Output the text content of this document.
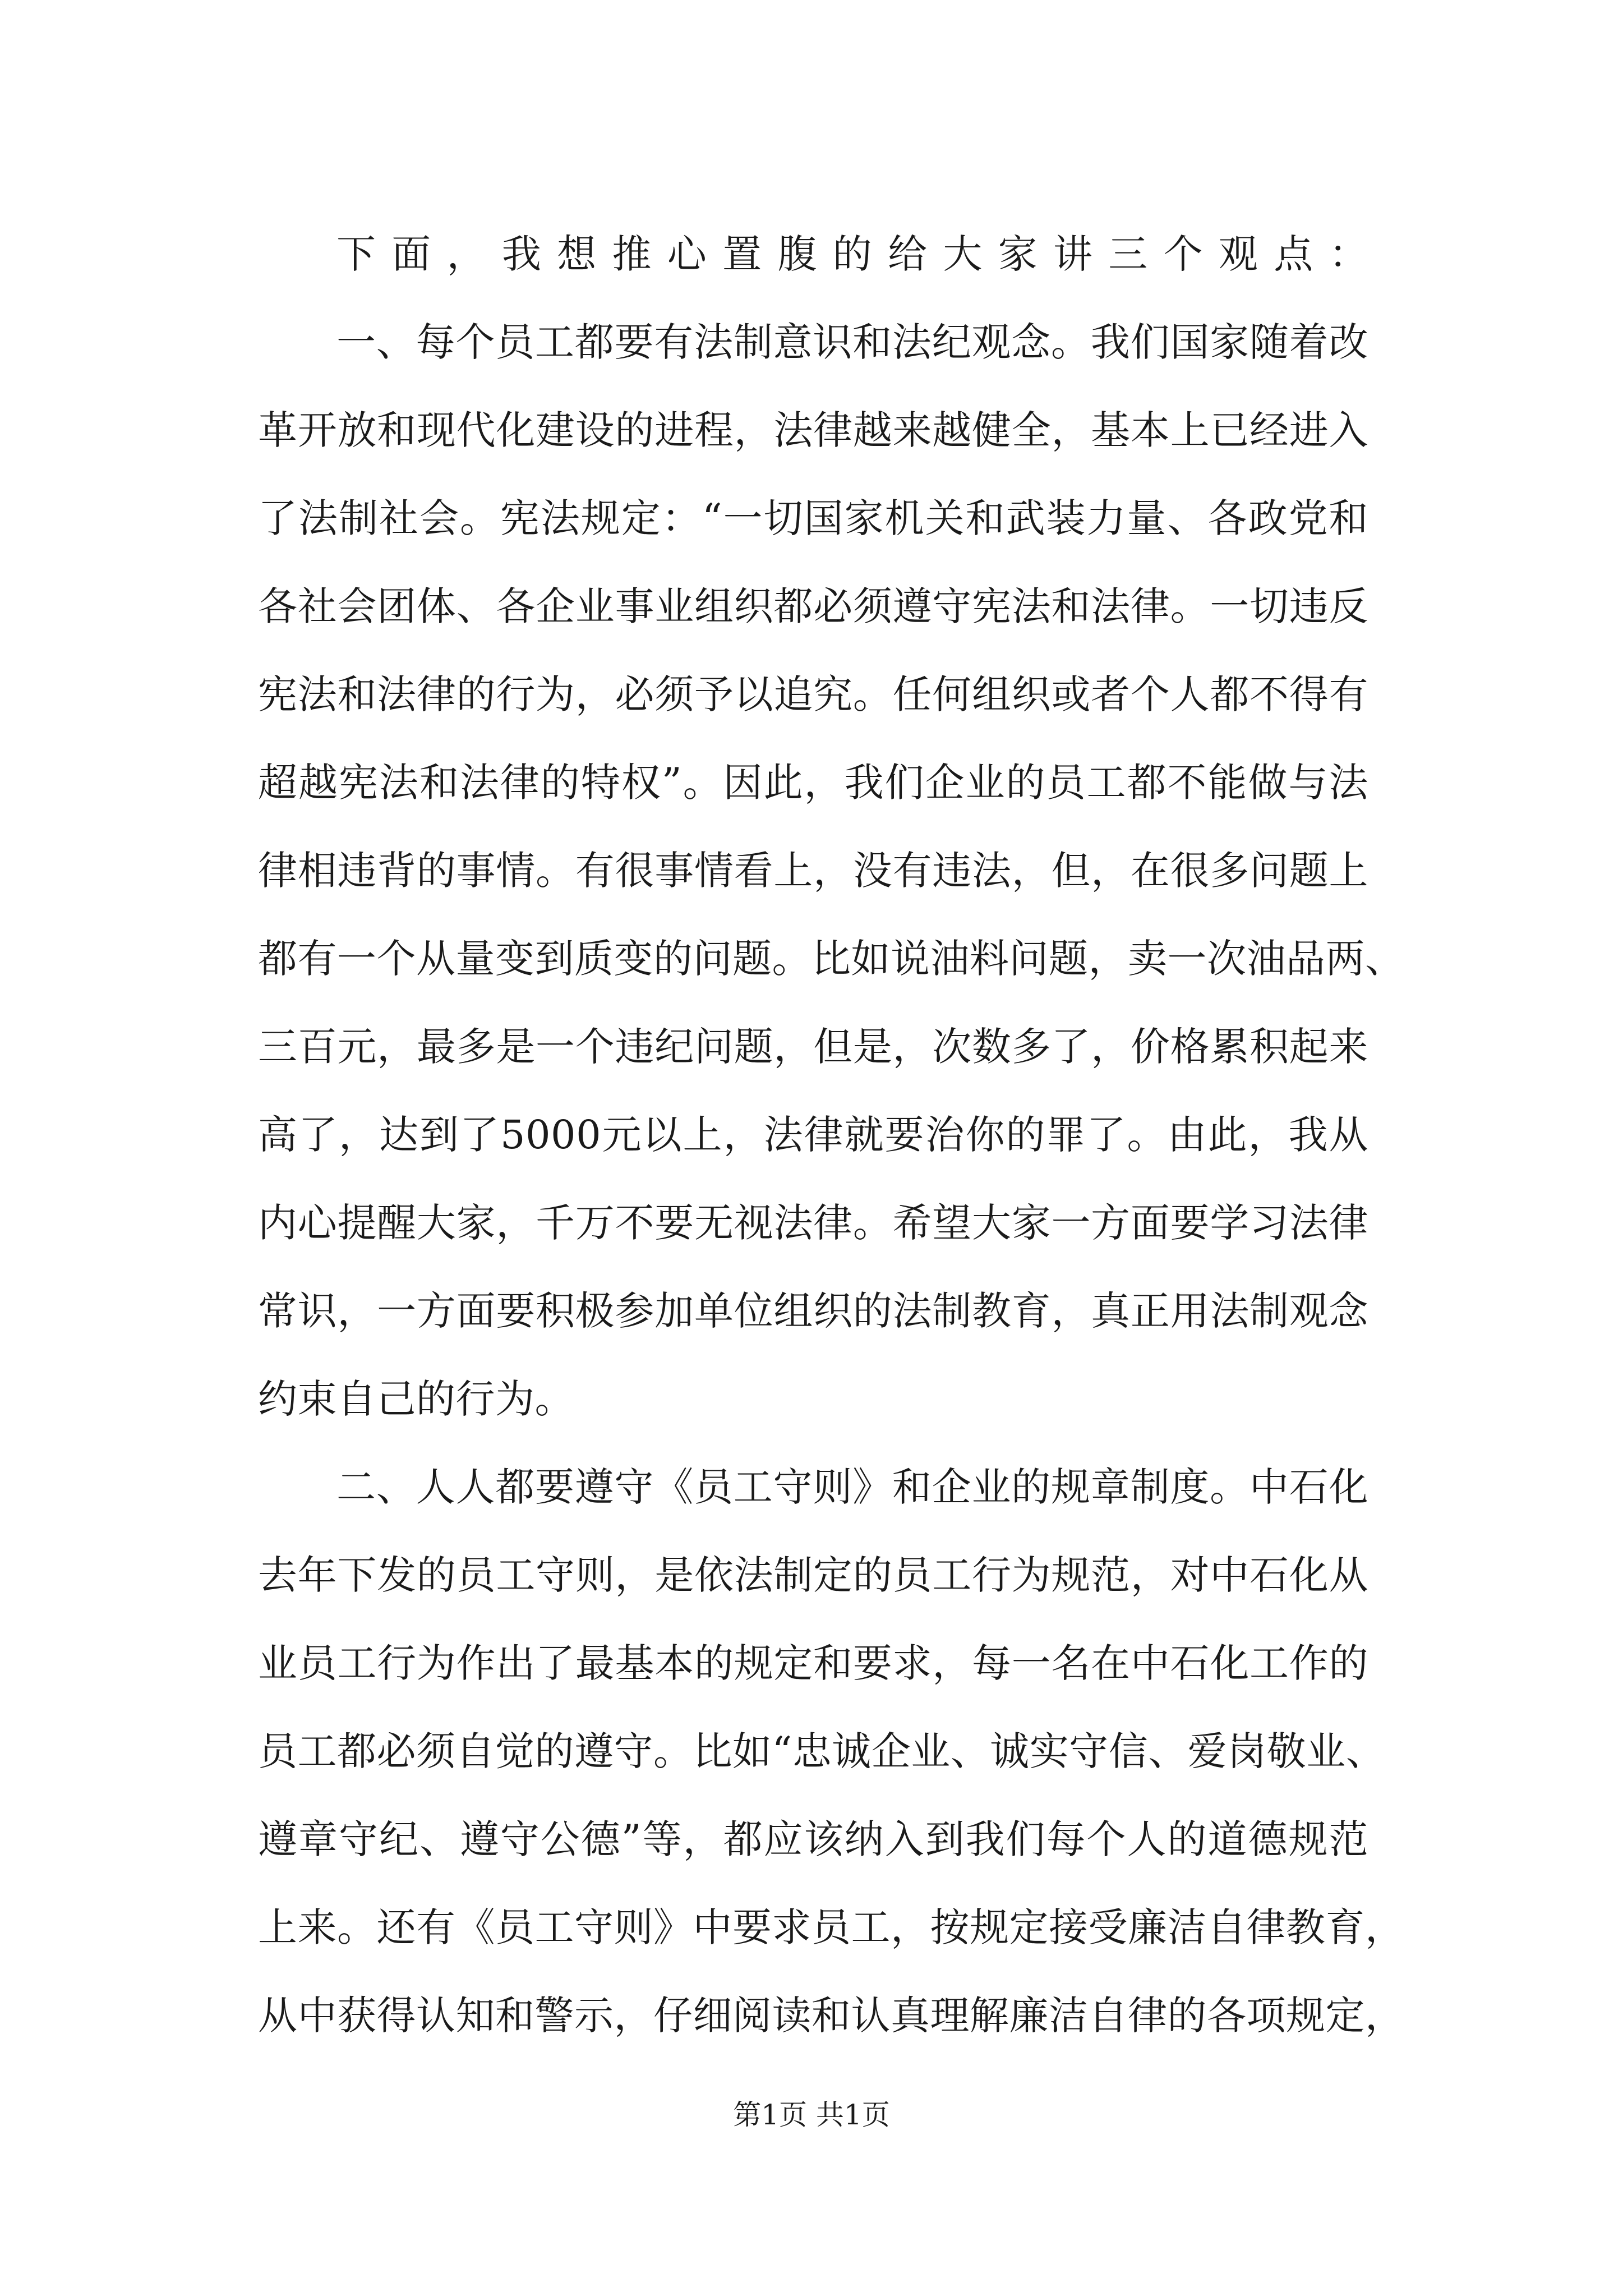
下面，我想推心置腹的给大家讲三个观点：
一、每个员工都要有法制意识和法纪观念。我们国家随着改
革开放和现代化建设的进程，法律越来越健全，基本上已经进入
了法制社会。宪法规定：“一切国家机关和武装力量、各政党和
各社会团体、各企业事业组织都必须遵守宪法和法律。一切违反
宪法和法律的行为，必须予以追究。任何组织或者个人都不得有
超越宪法和法律的特权”。因此，我们企业的员工都不能做与法
律相违背的事情。有很事情看上，没有违法，但，在很多问题上
都有一个从量变到质变的问题。比如说油料问题，卖一次油品两、
三百元，最多是一个违纪问题，但是，次数多了，价格累积起来
高了，达到了5000元以上，法律就要治你的罪了。由此，我从
内心提醒大家，千万不要无视法律。希望大家一方面要学习法律
常识，一方面要积极参加单位组织的法制教育，真正用法制观念
约束自己的行为。
二、人人都要遵守《员工守则》和企业的规章制度。中石化
去年下发的员工守则，是依法制定的员工行为规范，对中石化从
业员工行为作出了最基本的规定和要求，每一名在中石化工作的
员工都必须自觉的遵守。比如“忠诚企业、诚实守信、爱岗敬业、
遵章守纪、遵守公德”等，都应该纳入到我们每个人的道德规范
上来。还有《员工守则》中要求员工，按规定接受廉洁自律教育，
从中获得认知和警示，仔细阅读和认真理解廉洁自律的各项规定，
第1页 共1页
